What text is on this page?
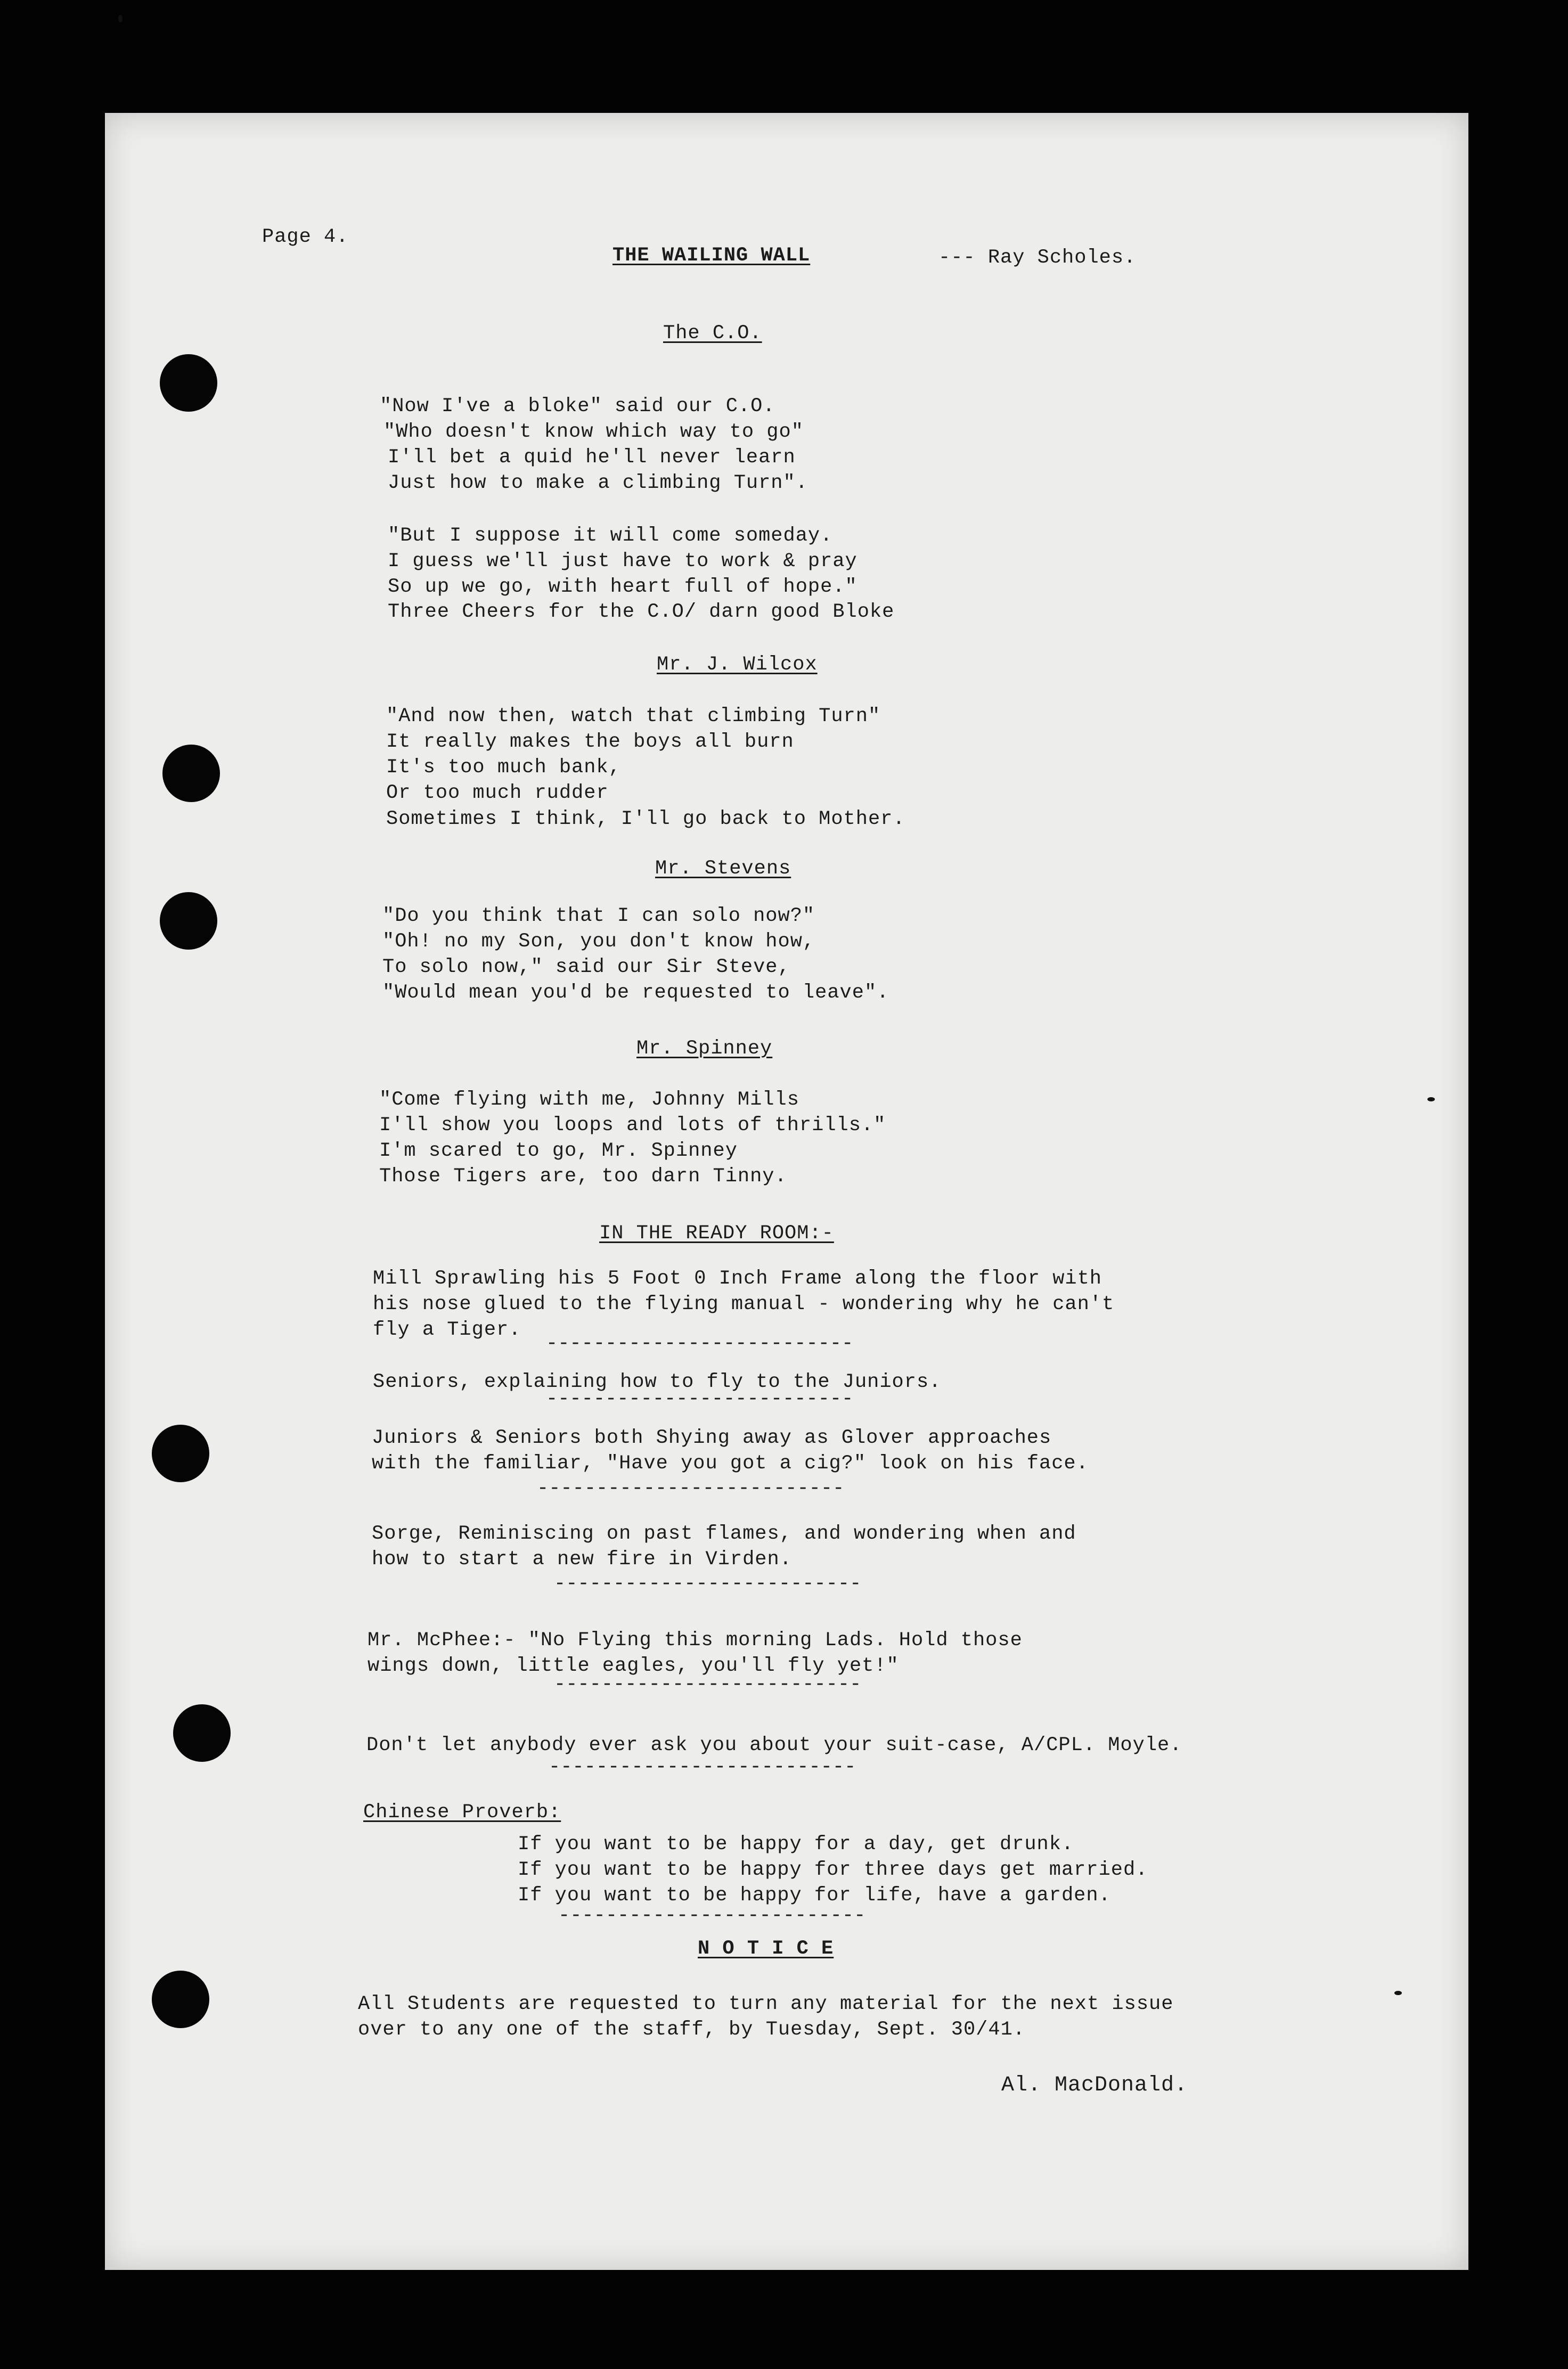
Page 4.
THE WAILING WALL	--- Ray Scholes.
The C.O.
"Now I've a bloke" said our C.O.
"Who doesn't know which way to go"
I'll bet a quid he'll never learn
Just how to make a climbing Turn".
"But I suppose it will come someday.
I guess we'll just have to work & pray
So up we go, with heart full of hope."
Three Cheers for the C.O/ darn good Bloke
Mr. J. Wilcox
"And now then, watch that climbing Turn"
It really makes the boys all burn
It's too much bank,
Or too much rudder
Sometimes I think, I'll go back to Mother.
Mr. Stevens
"Do you think that I can solo now?"
"Oh! no my Son, you don't know how,
To solo now," said our Sir Steve,
"Would mean you'd be requested to leave".
Mr. Spinney
"Come flying with me, Johnny Mills
I'll show you loops and lots of thrills."
I'm scared to go, Mr. Spinney
Those Tigers are, too darn Tinny.
IN THE READY ROOM:-
Mill Sprawling his 5 Foot 0 Inch Frame along the floor with
his nose glued to the flying manual - wondering why he can't
fly a Tiger.
--------------------------
Seniors, explaining how to fly to the Juniors.
--------------------------
Juniors & Seniors both Shying away as Glover approaches
with the familiar, "Have you got a cig?" look on his face.
--------------------------
Sorge, Reminiscing on past flames, and wondering when and
how to start a new fire in Virden.
--------------------------
Mr. McPhee:- "No Flying this morning Lads. Hold those
wings down, little eagles, you'll fly yet!"
--------------------------
Don't let anybody ever ask you about your suit-case, A/CPL. Moyle.
--------------------------
Chinese Proverb:
If you want to be happy for a day, get drunk.
If you want to be happy for three days get married.
If you want to be happy for life, have a garden.
--------------------------
N O T I C E
All Students are requested to turn any material for the next issue
over to any one of the staff, by Tuesday, Sept. 30/41.
Al. MacDonald.
